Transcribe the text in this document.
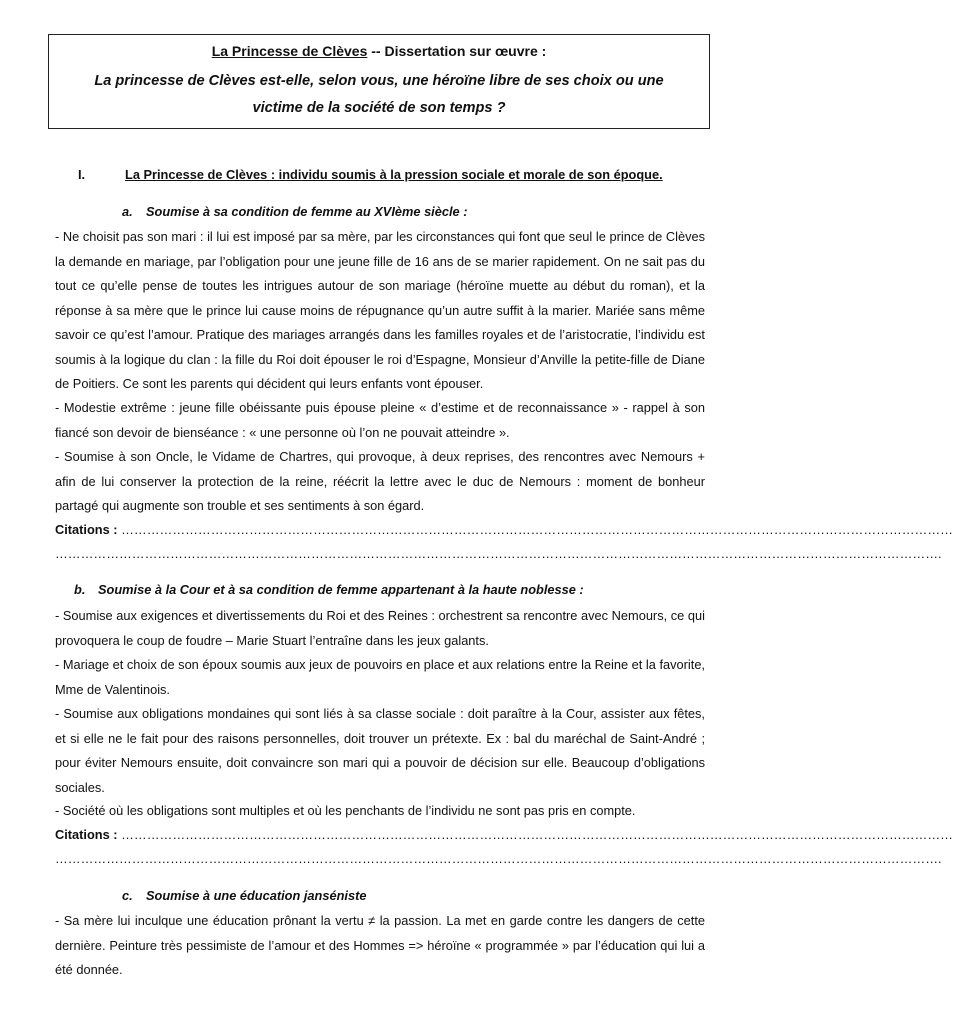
La Princesse de Clèves -- Dissertation sur œuvre :
La princesse de Clèves est-elle, selon vous, une héroïne libre de ses choix ou une victime de la société de son temps ?
I.	La Princesse de Clèves : individu soumis à la pression sociale et morale de son époque.
a. Soumise à sa condition de femme au XVIème siècle :

- Ne choisit pas son mari : il lui est imposé par sa mère, par les circonstances qui font que seul le prince de Clèves la demande en mariage, par l’obligation pour une jeune fille de 16 ans de se marier rapidement. On ne sait pas du tout ce qu’elle pense de toutes les intrigues autour de son mariage (héroïne muette au début du roman), et la réponse à sa mère que le prince lui cause moins de répugnance qu’un autre suffit à la marier. Mariée sans même savoir ce qu’est l’amour. Pratique des mariages arrangés dans les familles royales et de l’aristocratie, l’individu est soumis à la logique du clan : la fille du Roi doit épouser le roi d’Espagne, Monsieur d’Anville la petite-fille de Diane de Poitiers. Ce sont les parents qui décident qui leurs enfants vont épouser.

- Modestie extrême : jeune fille obéissante puis épouse pleine « d’estime et de reconnaissance » - rappel à son fiancé son devoir de bienséance : « une personne où l’on ne pouvait atteindre ».

- Soumise à son Oncle, le Vidame de Chartres, qui provoque, à deux reprises, des rencontres avec Nemours + afin de lui conserver la protection de la reine, réécrit la lettre avec le duc de Nemours : moment de bonheur partagé qui augmente son trouble et ses sentiments à son égard.

Citations : ……………………………………………………………………………………………………………………………………………………………………………
……………………………………………………………………………………………………………………………………………………………………………………….
b. Soumise à la Cour et à sa condition de femme appartenant à la haute noblesse :

- Soumise aux exigences et divertissements du Roi et des Reines : orchestrent sa rencontre avec Nemours, ce qui provoquera le coup de foudre – Marie Stuart l’entraîne dans les jeux galants.

- Mariage et choix de son époux soumis aux jeux de pouvoirs en place et aux relations entre la Reine et la favorite, Mme de Valentinois.

- Soumise aux obligations mondaines qui sont liés à sa classe sociale : doit paraître à la Cour, assister aux fêtes, et si elle ne le fait pour des raisons personnelles, doit trouver un prétexte. Ex : bal du maréchal de Saint-André ; pour éviter Nemours ensuite, doit convaincre son mari qui a pouvoir de décision sur elle. Beaucoup d’obligations sociales.

- Société où les obligations sont multiples et où les penchants de l’individu ne sont pas pris en compte.

Citations : ……………………………………………………………………………………………………………………………………………………………………………
……………………………………………………………………………………………………………………………………………………………………………………….
c. Soumise à une éducation janséniste

- Sa mère lui inculque une éducation prônant la vertu ≠ la passion. La met en garde contre les dangers de cette dernière. Peinture très pessimiste de l’amour et des Hommes => héroïne « programmée » par l’éducation qui lui a été donnée.
